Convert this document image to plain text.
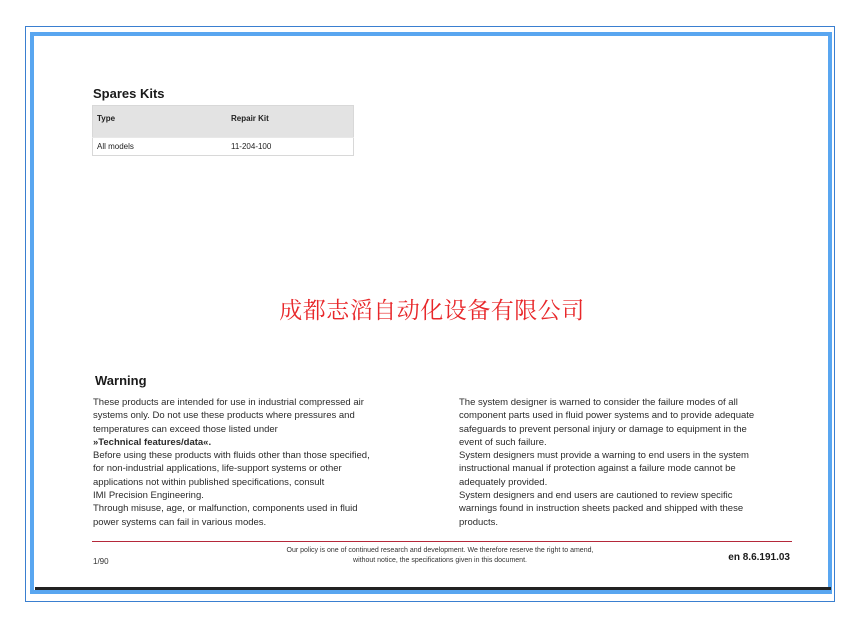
Spares Kits
Type	Repair Kit
All models	11-204-100
成都志滔自动化设备有限公司
Warning
These products are intended for use in industrial compressed air
systems only. Do not use these products where pressures and
temperatures can exceed those listed under
»Technical features/data«.
Before using these products with fluids other than those specified,
for non-industrial applications, life-support systems or other
applications not within published specifications, consult
IMI Precision Engineering.
Through misuse, age, or malfunction, components used in fluid
power systems can fail in various modes.
The system designer is warned to consider the failure modes of all
component parts used in fluid power systems and to provide adequate
safeguards to prevent personal injury or damage to equipment in the
event of such failure.
System designers must provide a warning to end users in the system
instructional manual if protection against a failure mode cannot be
adequately provided.
System designers and end users are cautioned to review specific
warnings found in instruction sheets packed and shipped with these
products.
1/90
Our policy is one of continued research and development. We therefore reserve the right to amend,
without notice, the specifications given in this document.	en 8.6.191.03
